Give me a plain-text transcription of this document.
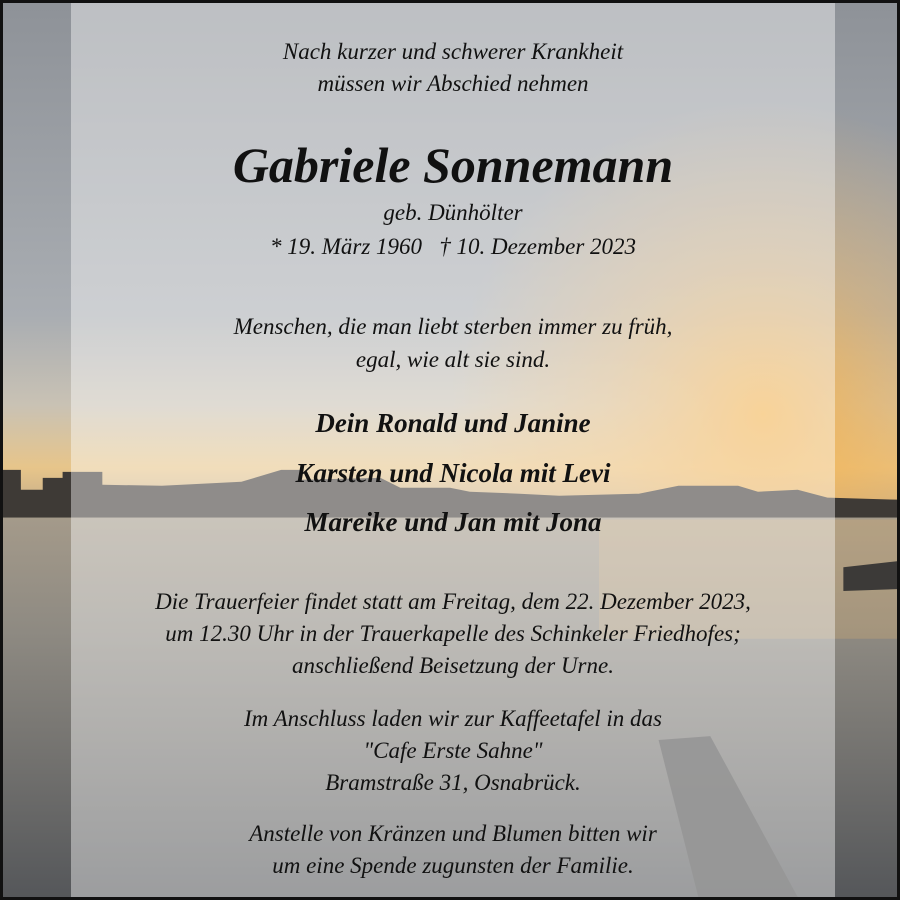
Nach kurzer und schwerer Krankheit
müssen wir Abschied nehmen
Gabriele Sonnemann
geb. Dünhölter
* 19. März 1960   † 10. Dezember 2023
Menschen, die man liebt sterben immer zu früh,
egal, wie alt sie sind.
Dein Ronald und Janine
Karsten und Nicola mit Levi
Mareike und Jan mit Jona
Die Trauerfeier findet statt am Freitag, dem 22. Dezember 2023,
um 12.30 Uhr in der Trauerkapelle des Schinkeler Friedhofes;
anschließend Beisetzung der Urne.
Im Anschluss laden wir zur Kaffeetafel in das
"Cafe Erste Sahne"
Bramstraße 31, Osnabrück.
Anstelle von Kränzen und Blumen bitten wir
um eine Spende zugunsten der Familie.
